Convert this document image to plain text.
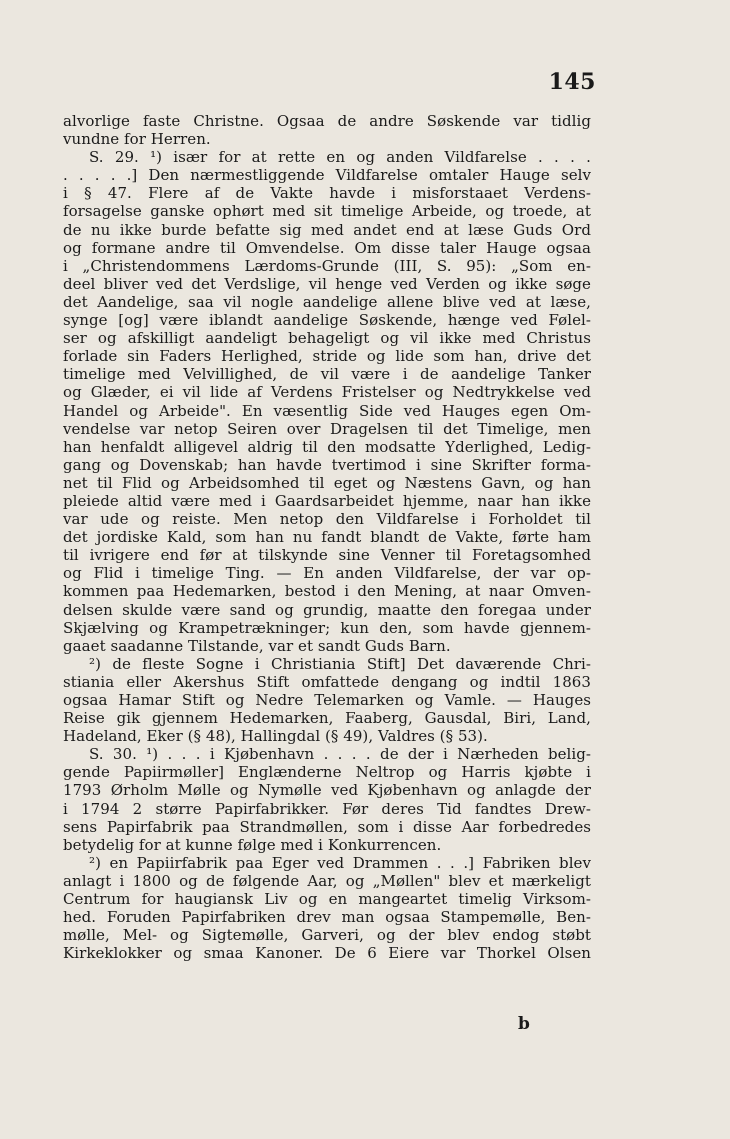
145
alvorlige faste Christne. Ogsaa de andre Søskende var tidlig
vundne for Herren.
S. 29. ¹) især for at rette en og anden Vildfarelse . . . .
. . . . .] Den nærmestliggende Vildfarelse omtaler Hauge selv
i § 47. Flere af de Vakte havde i misforstaaet Verdens-
forsagelse ganske ophørt med sit timelige Arbeide, og troede, at
de nu ikke burde befatte sig med andet end at læse Guds Ord
og formane andre til Omvendelse. Om disse taler Hauge ogsaa
i „Christendommens Lærdoms-Grunde (III, S. 95): „Som en-
deel bliver ved det Verdslige, vil henge ved Verden og ikke søge
det Aandelige, saa vil nogle aandelige allene blive ved at læse,
synge [og] være iblandt aandelige Søskende, hænge ved Følel-
ser og afskilligt aandeligt behageligt og vil ikke med Christus
forlade sin Faders Herlighed, stride og lide som han, drive det
timelige med Velvillighed, de vil være i de aandelige Tanker
og Glæder, ei vil lide af Verdens Fristelser og Nedtrykkelse ved
Handel og Arbeide". En væsentlig Side ved Hauges egen Om-
vendelse var netop Seiren over Dragelsen til det Timelige, men
han henfaldt alligevel aldrig til den modsatte Yderlighed, Ledig-
gang og Dovenskab; han havde tvertimod i sine Skrifter forma-
net til Flid og Arbeidsomhed til eget og Næstens Gavn, og han
pleiede altid være med i Gaardsarbeidet hjemme, naar han ikke
var ude og reiste. Men netop den Vildfarelse i Forholdet til
det jordiske Kald, som han nu fandt blandt de Vakte, førte ham
til ivrigere end før at tilskynde sine Venner til Foretagsomhed
og Flid i timelige Ting. — En anden Vildfarelse, der var op-
kommen paa Hedemarken, bestod i den Mening, at naar Omven-
delsen skulde være sand og grundig, maatte den foregaa under
Skjælving og Krampetrækninger; kun den, som havde gjennem-
gaaet saadanne Tilstande, var et sandt Guds Barn.
²) de fleste Sogne i Christiania Stift] Det daværende Chri-
stiania eller Akershus Stift omfattede dengang og indtil 1863
ogsaa Hamar Stift og Nedre Telemarken og Vamle. — Hauges
Reise gik gjennem Hedemarken, Faaberg, Gausdal, Biri, Land,
Hadeland, Eker (§ 48), Hallingdal (§ 49), Valdres (§ 53).
S. 30. ¹) . . . i Kjøbenhavn . . . . de der i Nærheden belig-
gende Papiirmøller] Englænderne Neltrop og Harris kjøbte i
1793 Ørholm Mølle og Nymølle ved Kjøbenhavn og anlagde der
i 1794 2 større Papirfabrikker. Før deres Tid fandtes Drew-
sens Papirfabrik paa Strandmøllen, som i disse Aar forbedredes
betydelig for at kunne følge med i Konkurrencen.
²) en Papiirfabrik paa Eger ved Drammen . . .] Fabriken blev
anlagt i 1800 og de følgende Aar, og „Møllen" blev et mærkeligt
Centrum for haugiansk Liv og en mangeartet timelig Virksom-
hed. Foruden Papirfabriken drev man ogsaa Stampemølle, Ben-
mølle, Mel- og Sigtemølle, Garveri, og der blev endog støbt
Kirkeklokker og smaa Kanoner. De 6 Eiere var Thorkel Olsen
b
